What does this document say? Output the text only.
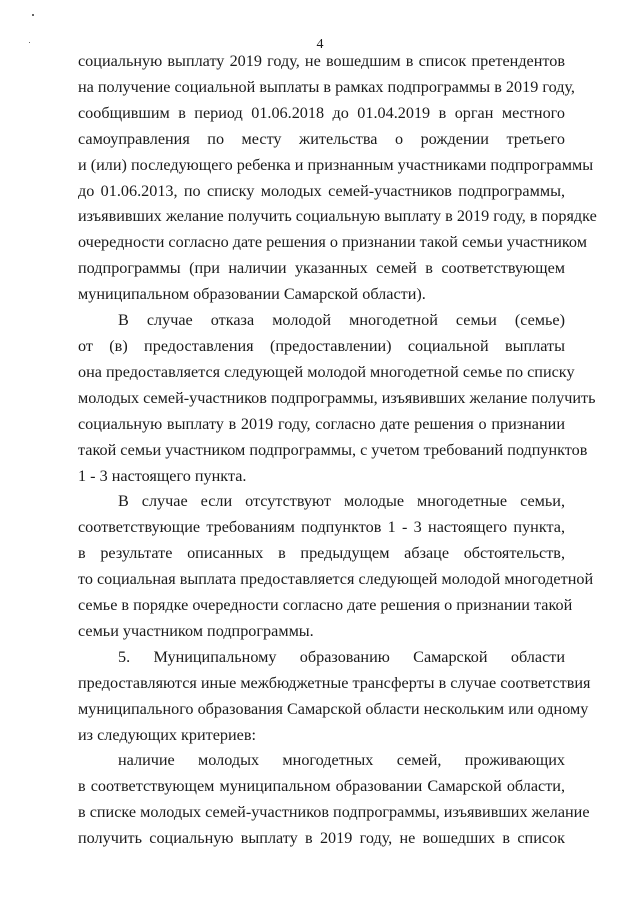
4
социальную выплату 2019 году, не вошедшим в список претендентов
на получение социальной выплаты в рамках подпрограммы в 2019 году,
сообщившим в период 01.06.2018 до 01.04.2019 в орган местного
самоуправления по месту жительства о рождении третьего
и (или) последующего ребенка и признанным участниками подпрограммы
до 01.06.2013, по списку молодых семей-участников подпрограммы,
изъявивших желание получить социальную выплату в 2019 году, в порядке
очередности согласно дате решения о признании такой семьи участником
подпрограммы (при наличии указанных семей в соответствующем
муниципальном образовании Самарской области).
В случае отказа молодой многодетной семьи (семье)
от (в) предоставления (предоставлении) социальной выплаты
она предоставляется следующей молодой многодетной семье по списку
молодых семей-участников подпрограммы, изъявивших желание получить
социальную выплату в 2019 году, согласно дате решения о признании
такой семьи участником подпрограммы, с учетом требований подпунктов
1 - 3 настоящего пункта.
В случае если отсутствуют молодые многодетные семьи,
соответствующие требованиям подпунктов 1 - 3 настоящего пункта,
в результате описанных в предыдущем абзаце обстоятельств,
то социальная выплата предоставляется следующей молодой многодетной
семье в порядке очередности согласно дате решения о признании такой
семьи участником подпрограммы.
5. Муниципальному образованию Самарской области
предоставляются иные межбюджетные трансферты в случае соответствия
муниципального образования Самарской области нескольким или одному
из следующих критериев:
наличие молодых многодетных семей, проживающих
в соответствующем муниципальном образовании Самарской области,
в списке молодых семей-участников подпрограммы, изъявивших желание
получить социальную выплату в 2019 году, не вошедших в список
